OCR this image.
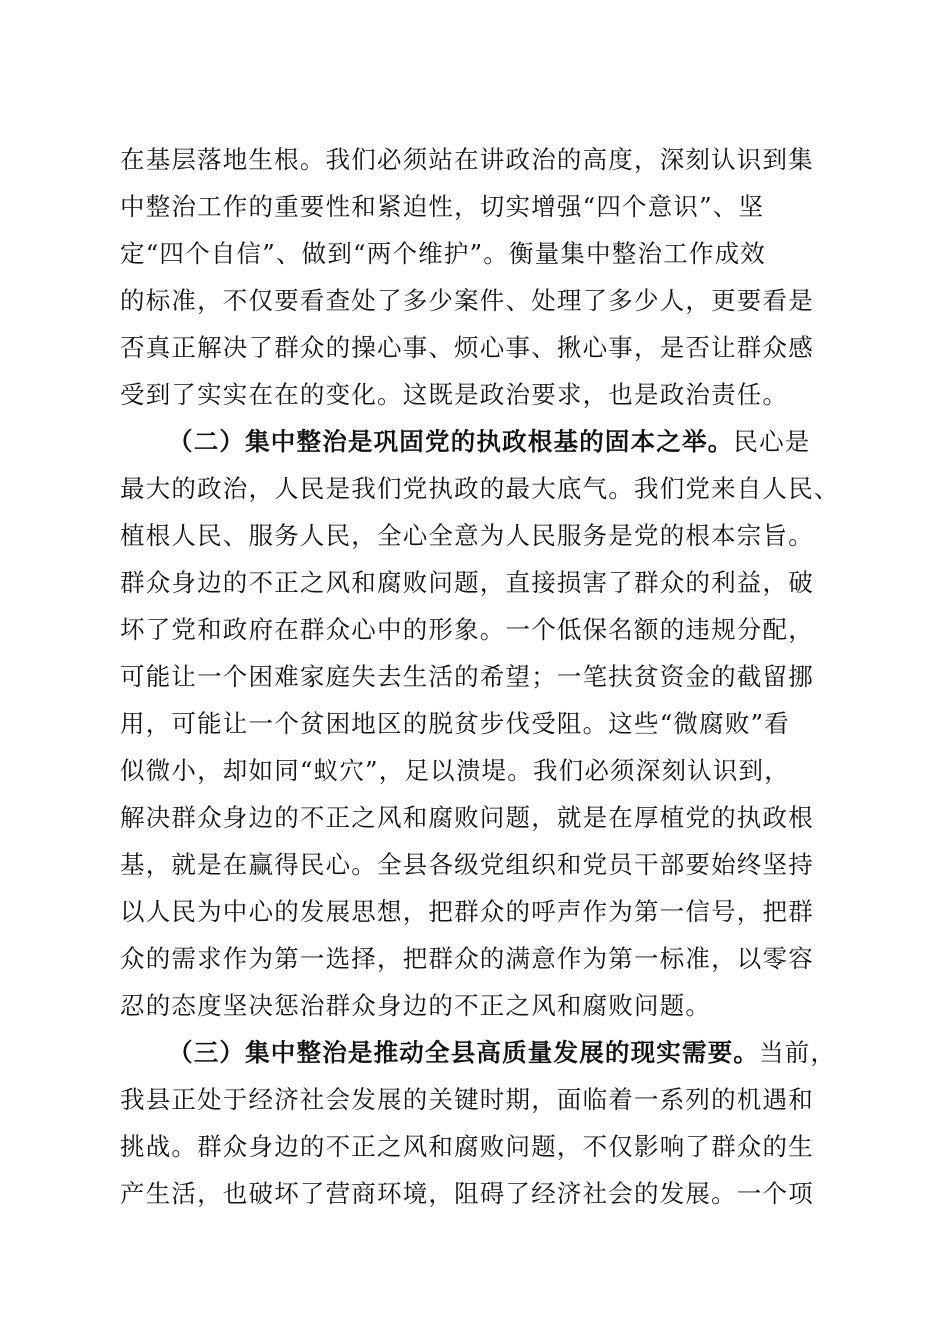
在基层落地生根。我们必须站在讲政治的高度，深刻认识到集
中整治工作的重要性和紧迫性，切实增强“四个意识”、坚
定“四个自信”、做到“两个维护”。衡量集中整治工作成效
的标准，不仅要看查处了多少案件、处理了多少人，更要看是
否真正解决了群众的操心事、烦心事、揪心事，是否让群众感
受到了实实在在的变化。这既是政治要求，也是政治责任。
（二）集中整治是巩固党的执政根基的固本之举。民心是
最大的政治，人民是我们党执政的最大底气。我们党来自人民、
植根人民、服务人民，全心全意为人民服务是党的根本宗旨。
群众身边的不正之风和腐败问题，直接损害了群众的利益，破
坏了党和政府在群众心中的形象。一个低保名额的违规分配，
可能让一个困难家庭失去生活的希望；一笔扶贫资金的截留挪
用，可能让一个贫困地区的脱贫步伐受阻。这些“微腐败”看
似微小，却如同“蚁穴”，足以溃堤。我们必须深刻认识到，
解决群众身边的不正之风和腐败问题，就是在厚植党的执政根
基，就是在赢得民心。全县各级党组织和党员干部要始终坚持
以人民为中心的发展思想，把群众的呼声作为第一信号，把群
众的需求作为第一选择，把群众的满意作为第一标准，以零容
忍的态度坚决惩治群众身边的不正之风和腐败问题。
（三）集中整治是推动全县高质量发展的现实需要。当前，
我县正处于经济社会发展的关键时期，面临着一系列的机遇和
挑战。群众身边的不正之风和腐败问题，不仅影响了群众的生
产生活，也破坏了营商环境，阻碍了经济社会的发展。一个项
